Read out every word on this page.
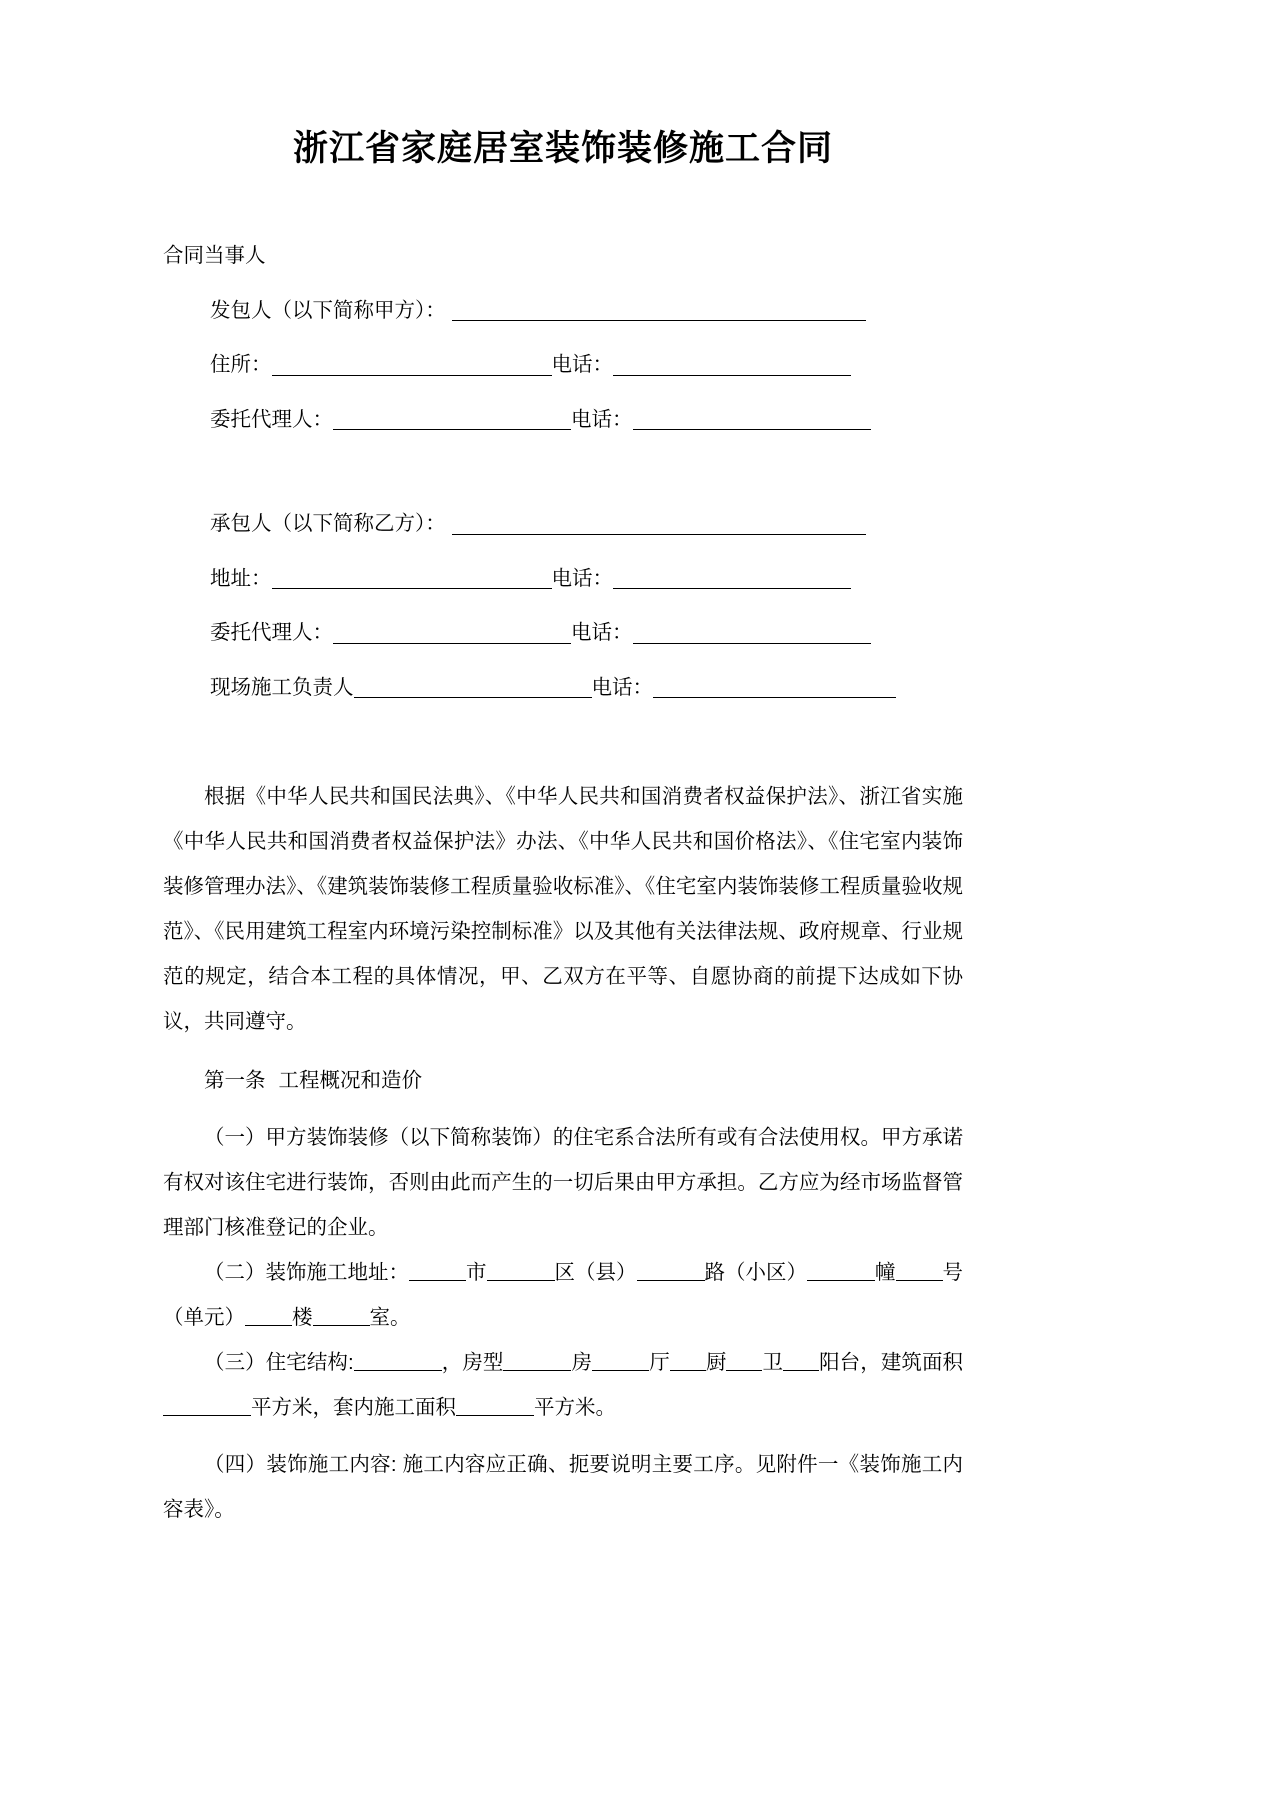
浙江省家庭居室装饰装修施工合同
合同当事人
发包人（以下简称甲方）：
住所：	电话：
委托代理人：	电话：
承包人（以下简称乙方）：
地址：	电话：
委托代理人：	电话：
现场施工负责人	电话：

根据《中华人民共和国民法典》、《中华人民共和国消费者权益保护法》、浙江省实施《中华人民共和国消费者权益保护法》办法、《中华人民共和国价格法》、《住宅室内装饰装修管理办法》、《建筑装饰装修工程质量验收标准》、《住宅室内装饰装修工程质量验收规范》、《民用建筑工程室内环境污染控制标准》以及其他有关法律法规、政府规章、行业规范的规定，结合本工程的具体情况，甲、乙双方在平等、自愿协商的前提下达成如下协议，共同遵守。

第一条 工程概况和造价

（一）甲方装饰装修（以下简称装饰）的住宅系合法所有或有合法使用权。甲方承诺有权对该住宅进行装饰，否则由此而产生的一切后果由甲方承担。乙方应为经市场监督管理部门核准登记的企业。

（二）装饰施工地址：	市	区（县）	路（小区）	幢 号（单元） 楼	室。

（三）住宅结构:	，房型	房	厅 厨 卫 阳台，建筑面积平方米，套内施工面积	平方米。

（四）装饰施工内容: 施工内容应正确、扼要说明主要工序。见附件一《装饰施工内容表》。
